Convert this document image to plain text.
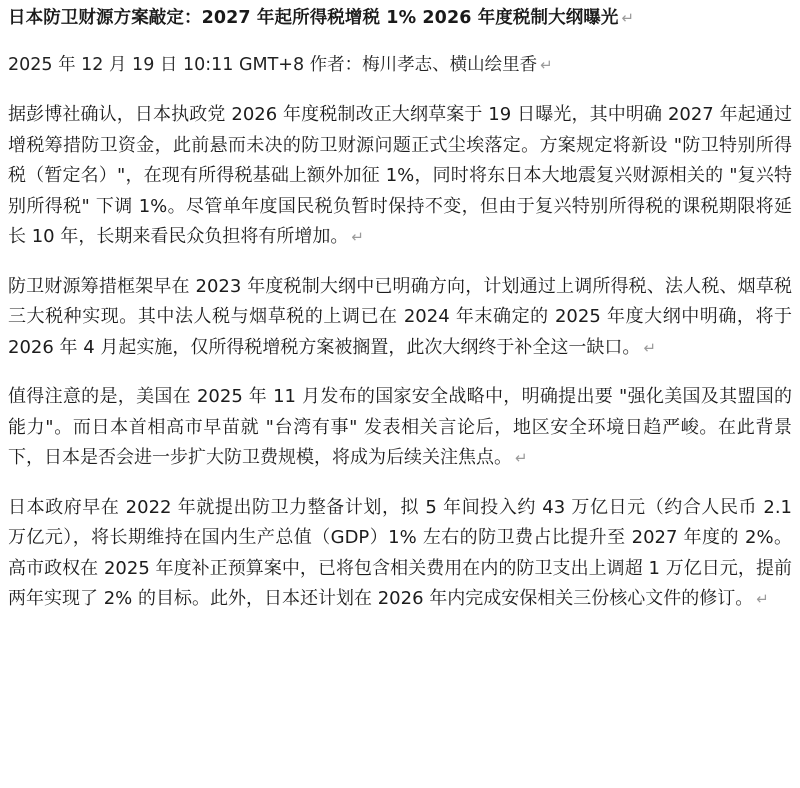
日本防卫财源方案敲定：2027 年起所得税增税 1% 2026 年度税制大纲曝光 ↵

2025 年 12 月 19 日 10:11 GMT+8 作者：梅川孝志、横山绘里香 ↵

据彭博社确认，日本执政党 2026 年度税制改正大纲草案于 19 日曝光，其中明确 2027 年起通过增税筹措防卫资金，此前悬而未决的防卫财源问题正式尘埃落定。方案规定将新设 "防卫特别所得税（暂定名）"，在现有所得税基础上额外加征 1%，同时将东日本大地震复兴财源相关的 "复兴特别所得税" 下调 1%。尽管单年度国民税负暂时保持不变，但由于复兴特别所得税的课税期限将延长 10 年，长期来看民众负担将有所增加。 ↵

防卫财源筹措框架早在 2023 年度税制大纲中已明确方向，计划通过上调所得税、法人税、烟草税三大税种实现。其中法人税与烟草税的上调已在 2024 年末确定的 2025 年度大纲中明确，将于 2026 年 4 月起实施，仅所得税增税方案被搁置，此次大纲终于补全这一缺口。 ↵

值得注意的是，美国在 2025 年 11 月发布的国家安全战略中，明确提出要 "强化美国及其盟国的能力"。而日本首相高市早苗就 "台湾有事" 发表相关言论后，地区安全环境日趋严峻。在此背景下，日本是否会进一步扩大防卫费规模，将成为后续关注焦点。 ↵

日本政府早在 2022 年就提出防卫力整备计划，拟 5 年间投入约 43 万亿日元（约合人民币 2.1 万亿元），将长期维持在国内生产总值（GDP）1% 左右的防卫费占比提升至 2027 年度的 2%。高市政权在 2025 年度补正预算案中，已将包含相关费用在内的防卫支出上调超 1 万亿日元，提前两年实现了 2% 的目标。此外，日本还计划在 2026 年内完成安保相关三份核心文件的修订。 ↵
